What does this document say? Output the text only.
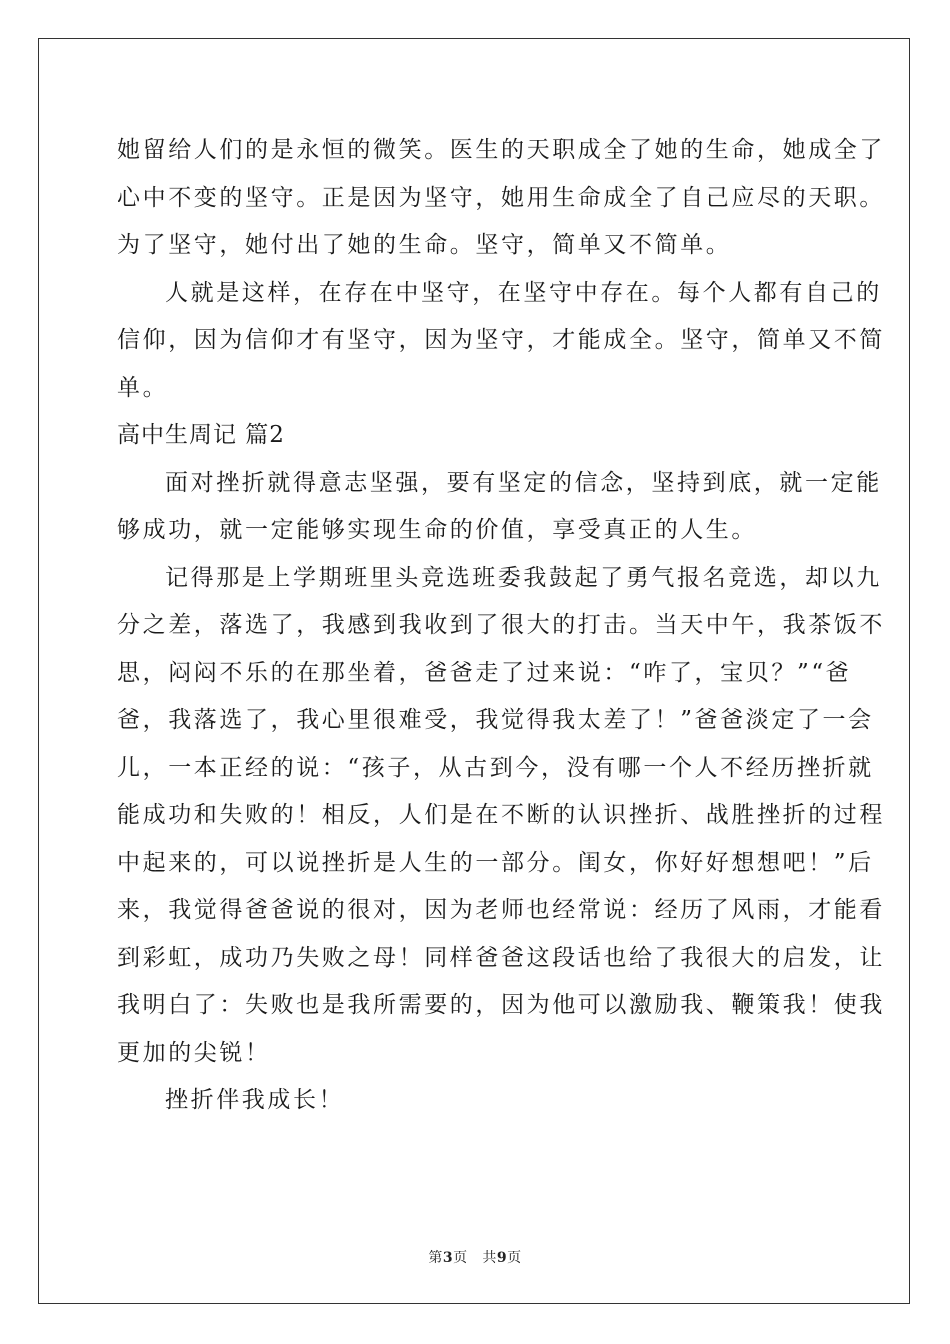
她留给人们的是永恒的微笑。医生的天职成全了她的生命，她成全了
心中不变的坚守。正是因为坚守，她用生命成全了自己应尽的天职。
为了坚守，她付出了她的生命。坚守，简单又不简单。
人就是这样，在存在中坚守，在坚守中存在。每个人都有自己的
信仰，因为信仰才有坚守，因为坚守，才能成全。坚守，简单又不简
单。
高中生周记 篇2
面对挫折就得意志坚强，要有坚定的信念，坚持到底，就一定能
够成功，就一定能够实现生命的价值，享受真正的人生。
记得那是上学期班里头竞选班委我鼓起了勇气报名竞选，却以九
分之差，落选了，我感到我收到了很大的打击。当天中午，我茶饭不
思，闷闷不乐的在那坐着，爸爸走了过来说：“咋了，宝贝？”“爸
爸，我落选了，我心里很难受，我觉得我太差了！”爸爸淡定了一会
儿，一本正经的说：“孩子，从古到今，没有哪一个人不经历挫折就
能成功和失败的！相反，人们是在不断的认识挫折、战胜挫折的过程
中起来的，可以说挫折是人生的一部分。闺女，你好好想想吧！”后
来，我觉得爸爸说的很对，因为老师也经常说：经历了风雨，才能看
到彩虹，成功乃失败之母！同样爸爸这段话也给了我很大的启发，让
我明白了：失败也是我所需要的，因为他可以激励我、鞭策我！使我
更加的尖锐！
挫折伴我成长！
第3页 共9页
